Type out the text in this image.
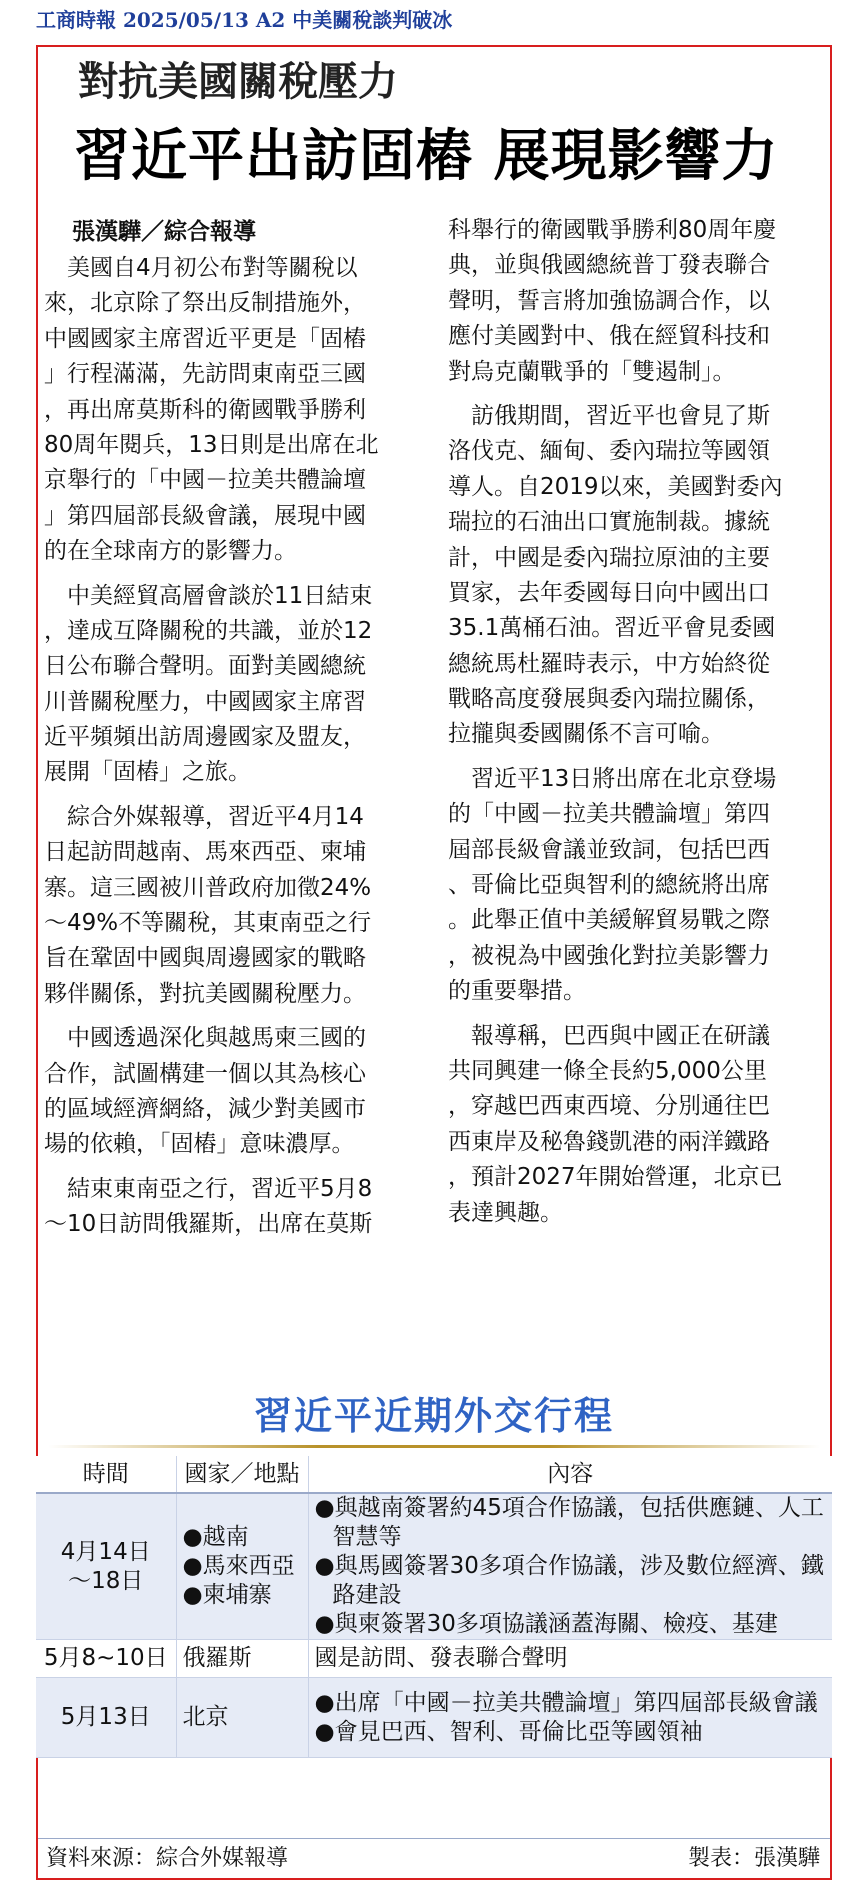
工商時報 2025/05/13 A2 中美關稅談判破冰
對抗美國關稅壓力
習近平出訪固樁 展現影響力
張漢驊／綜合報導
美國自4月初公布對等關稅以
來，北京除了祭出反制措施外，
中國國家主席習近平更是「固樁
」行程滿滿，先訪問東南亞三國
，再出席莫斯科的衛國戰爭勝利
80周年閱兵，13日則是出席在北
京舉行的「中國－拉美共體論壇
」第四屆部長級會議，展現中國
的在全球南方的影響力。
中美經貿高層會談於11日結束
，達成互降關稅的共識，並於12
日公布聯合聲明。面對美國總統
川普關稅壓力，中國國家主席習
近平頻頻出訪周邊國家及盟友，
展開「固樁」之旅。
綜合外媒報導，習近平4月14
日起訪問越南、馬來西亞、柬埔
寨。這三國被川普政府加徵24%
～49%不等關稅，其東南亞之行
旨在鞏固中國與周邊國家的戰略
夥伴關係，對抗美國關稅壓力。
中國透過深化與越馬柬三國的
合作，試圖構建一個以其為核心
的區域經濟網絡，減少對美國市
場的依賴，「固樁」意味濃厚。
結束東南亞之行，習近平5月8
～10日訪問俄羅斯，出席在莫斯
科舉行的衛國戰爭勝利80周年慶
典，並與俄國總統普丁發表聯合
聲明，誓言將加強協調合作，以
應付美國對中、俄在經貿科技和
對烏克蘭戰爭的「雙遏制」。
訪俄期間，習近平也會見了斯
洛伐克、緬甸、委內瑞拉等國領
導人。自2019以來，美國對委內
瑞拉的石油出口實施制裁。據統
計，中國是委內瑞拉原油的主要
買家，去年委國每日向中國出口
35.1萬桶石油。習近平會見委國
總統馬杜羅時表示，中方始終從
戰略高度發展與委內瑞拉關係，
拉攏與委國關係不言可喻。
習近平13日將出席在北京登場
的「中國－拉美共體論壇」第四
屆部長級會議並致詞，包括巴西
、哥倫比亞與智利的總統將出席
。此舉正值中美緩解貿易戰之際
，被視為中國強化對拉美影響力
的重要舉措。
報導稱，巴西與中國正在研議
共同興建一條全長約5,000公里
，穿越巴西東西境、分別通往巴
西東岸及秘魯錢凱港的兩洋鐵路
，預計2027年開始營運，北京已
表達興趣。
習近平近期外交行程
時間	國家／地點	內容

4月14日
～18日	●越南
●馬來西亞
●柬埔寨	●與越南簽署約45項合作協議，包括供應鏈、人工智慧等
●與馬國簽署30多項合作協議，涉及數位經濟、鐵路建設
●與柬簽署30多項協議涵蓋海關、檢疫、基建

5月8~10日	俄羅斯	國是訪問、發表聯合聲明

5月13日	北京	●出席「中國－拉美共體論壇」第四屆部長級會議
●會見巴西、智利、哥倫比亞等國領袖
資料來源：綜合外媒報導	製表：張漢驊
